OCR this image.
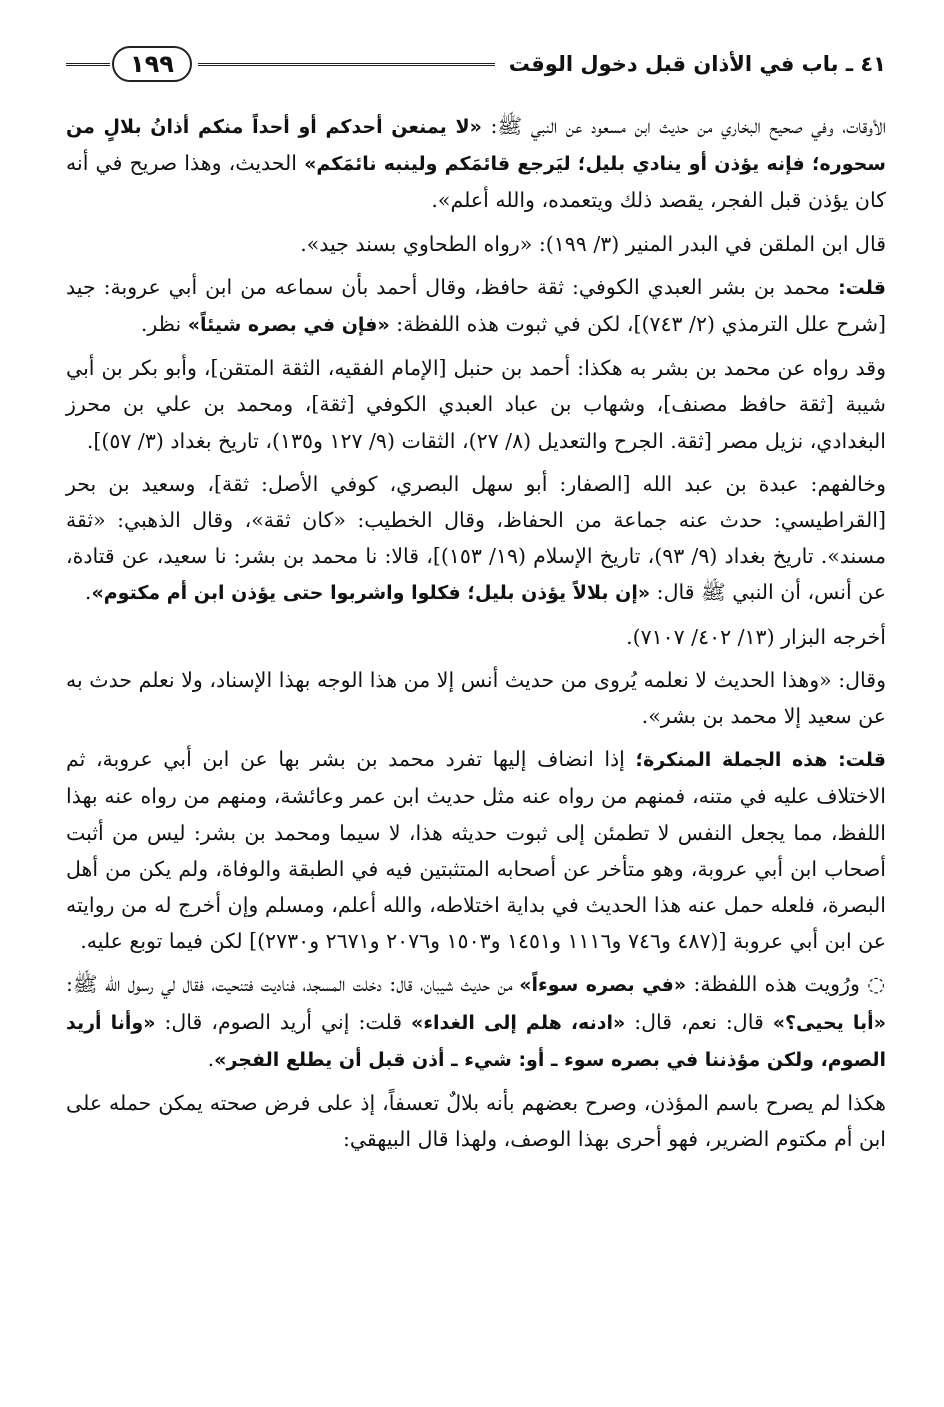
٤١ ـ باب في الأذان قبل دخول الوقت
١٩٩

الأوقات، وفي صحيح البخاري من حديث ابن مسعود عن النبي ﷺ: «لا يمنعن أحدكم أو أحداً منكم أذانُ بلالٍ من سحوره؛ فإنه يؤذن أو ينادي بليل؛ ليَرجع قائمَكم ولينبه نائمَكم» الحديث، وهذا صريح في أنه كان يؤذن قبل الفجر، يقصد ذلك ويتعمده، والله أعلم».

قال ابن الملقن في البدر المنير (٣/ ١٩٩): «رواه الطحاوي بسند جيد».

قلت: محمد بن بشر العبدي الكوفي: ثقة حافظ، وقال أحمد بأن سماعه من ابن أبي عروبة: جيد [شرح علل الترمذي (٢/ ٧٤٣)]، لكن في ثبوت هذه اللفظة: «فإن في بصره شيئاً» نظر.

وقد رواه عن محمد بن بشر به هكذا: أحمد بن حنبل [الإمام الفقيه، الثقة المتقن]، وأبو بكر بن أبي شيبة [ثقة حافظ مصنف]، وشهاب بن عباد العبدي الكوفي [ثقة]، ومحمد بن علي بن محرز البغدادي، نزيل مصر [ثقة. الجرح والتعديل (٨/ ٢٧)، الثقات (٩/ ١٢٧ و١٣٥)، تاريخ بغداد (٣/ ٥٧)].

وخالفهم: عبدة بن عبد الله [الصفار: أبو سهل البصري، كوفي الأصل: ثقة]، وسعيد بن بحر [القراطيسي: حدث عنه جماعة من الحفاظ، وقال الخطيب: «كان ثقة»، وقال الذهبي: «ثقة مسند». تاريخ بغداد (٩/ ٩٣)، تاريخ الإسلام (١٩/ ١٥٣)]، قالا: نا محمد بن بشر: نا سعيد، عن قتادة، عن أنس، أن النبي ﷺ قال: «إن بلالاً يؤذن بليل؛ فكلوا واشربوا حتى يؤذن ابن أم مكتوم».

أخرجه البزار (١٣/ ٤٠٢/ ٧١٠٧).

وقال: «وهذا الحديث لا نعلمه يُروى من حديث أنس إلا من هذا الوجه بهذا الإسناد، ولا نعلم حدث به عن سعيد إلا محمد بن بشر».

قلت: هذه الجملة المنكرة؛ إذا انضاف إليها تفرد محمد بن بشر بها عن ابن أبي عروبة، ثم الاختلاف عليه في متنه، فمنهم من رواه عنه مثل حديث ابن عمر وعائشة، ومنهم من رواه عنه بهذا اللفظ، مما يجعل النفس لا تطمئن إلى ثبوت حديثه هذا، لا سيما ومحمد بن بشر: ليس من أثبت أصحاب ابن أبي عروبة، وهو متأخر عن أصحابه المتثبتين فيه في الطبقة والوفاة، ولم يكن من أهل البصرة، فلعله حمل عنه هذا الحديث في بداية اختلاطه، والله أعلم، ومسلم وإن أخرج له من روايته عن ابن أبي عروبة [(٤٨٧ و٧٤٦ و١١١٦ و١٤٥١ و١٥٠٣ و٢٠٧٦ و٢٦٧١ و٢٧٣٠)] لكن فيما توبع عليه.

◌ ورُويت هذه اللفظة: «في بصره سوءاً» من حديث شيبان، قال: دخلت المسجد، فناديت فتنحيت، فقال لي رسول الله ﷺ: «أبا يحيى؟» قال: نعم، قال: «ادنه، هلم إلى الغداء» قلت: إني أريد الصوم، قال: «وأنا أريد الصوم، ولكن مؤذننا في بصره سوء ـ أو: شيء ـ أذن قبل أن يطلع الفجر».

هكذا لم يصرح باسم المؤذن، وصرح بعضهم بأنه بلالٌ تعسفاً، إذ على فرض صحته يمكن حمله على ابن أم مكتوم الضرير، فهو أحرى بهذا الوصف، ولهذا قال البيهقي:
